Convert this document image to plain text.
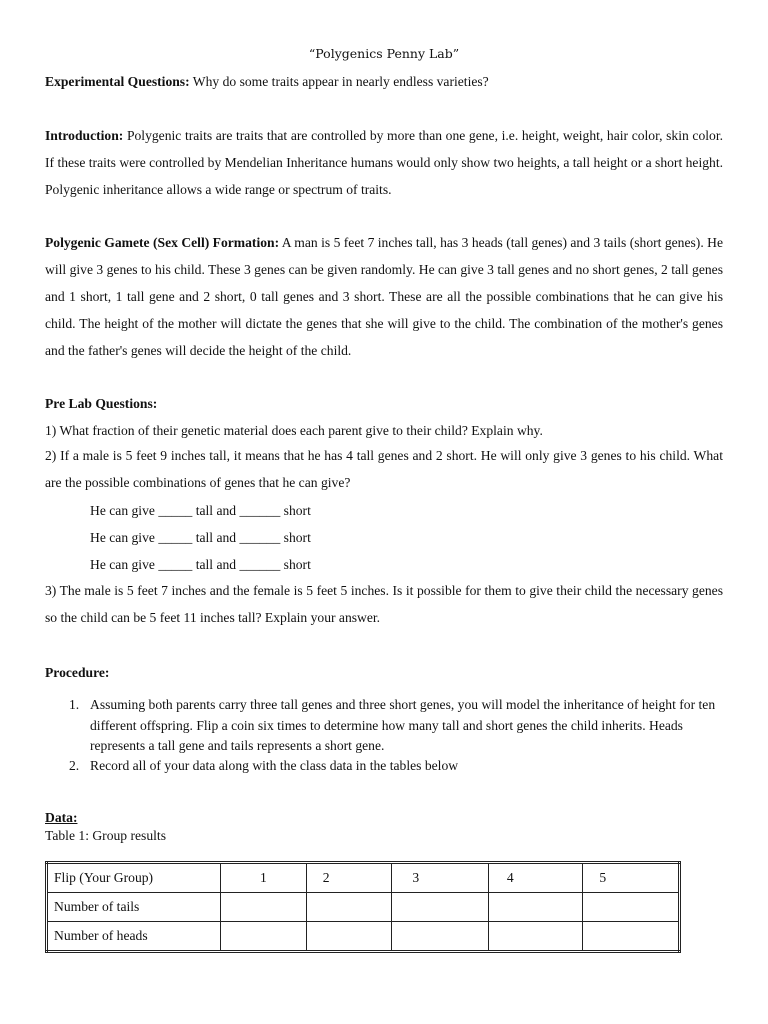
“Polygenics Penny Lab”
Experimental Questions: Why do some traits appear in nearly endless varieties?
Introduction: Polygenic traits are traits that are controlled by more than one gene, i.e. height, weight, hair color, skin color. If these traits were controlled by Mendelian Inheritance humans would only show two heights, a tall height or a short height. Polygenic inheritance allows a wide range or spectrum of traits.
Polygenic Gamete (Sex Cell) Formation: A man is 5 feet 7 inches tall, has 3 heads (tall genes) and 3 tails (short genes). He will give 3 genes to his child. These 3 genes can be given randomly. He can give 3 tall genes and no short genes, 2 tall genes and 1 short, 1 tall gene and 2 short, 0 tall genes and 3 short. These are all the possible combinations that he can give his child. The height of the mother will dictate the genes that she will give to the child. The combination of the mother's genes and the father's genes will decide the height of the child.
Pre Lab Questions:
1) What fraction of their genetic material does each parent give to their child? Explain why.
2) If a male is 5 feet 9 inches tall, it means that he has 4 tall genes and 2 short. He will only give 3 genes to his child. What are the possible combinations of genes that he can give?
He can give _____ tall and ______ short
He can give _____ tall and ______ short
He can give _____ tall and ______ short
3) The male is 5 feet 7 inches and the female is 5 feet 5 inches. Is it possible for them to give their child the necessary genes so the child can be 5 feet 11 inches tall? Explain your answer.
Procedure:
1. Assuming both parents carry three tall genes and three short genes, you will model the inheritance of height for ten different offspring. Flip a coin six times to determine how many tall and short genes the child inherits. Heads represents a tall gene and tails represents a short gene.
2. Record all of your data along with the class data in the tables below
Data:
Table 1: Group results
Flip (Your Group)	1	2	3	4	5
Number of tails					
Number of heads					
